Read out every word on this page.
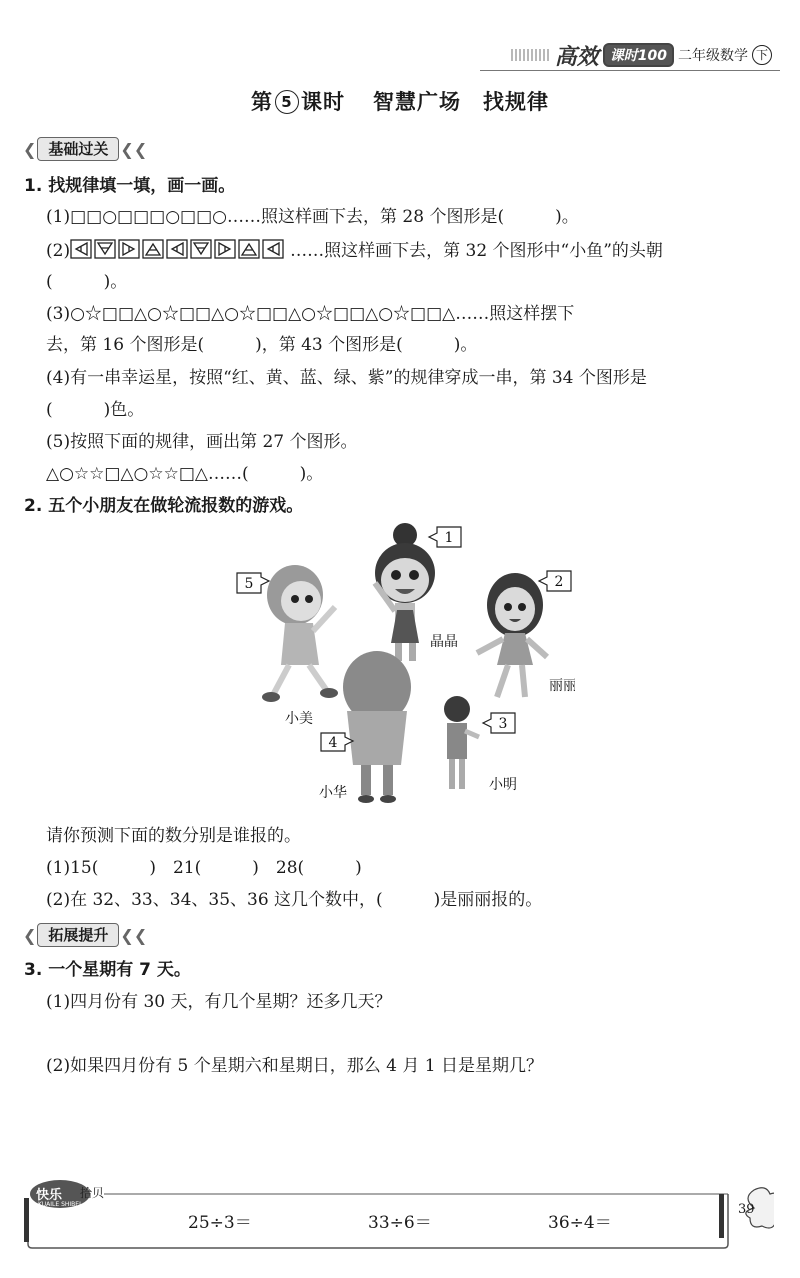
高效 课时100 二年级数学 下
第 5 课时 智慧广场 找规律
❮ 基础过关 ❮❮
1. 找规律填一填，画一画。
(1)□□○□□□○□□○……照这样画下去，第 28 个图形是(　　　)。
(2)	……照这样画下去，第 32 个图形中“小鱼”的头朝
(　　　)。
(3)○☆□□△○☆□□△○☆□□△○☆□□△○☆□□△……照这样摆下
去，第 16 个图形是(　　　)，第 43 个图形是(　　　)。
(4)有一串幸运星，按照“红、黄、蓝、绿、紫”的规律穿成一串，第 34 个图形是
(　　　)色。
(5)按照下面的规律，画出第 27 个图形。
△○☆☆□△○☆☆□△……(　　　)。
2. 五个小朋友在做轮流报数的游戏。
1
2
3
4
5
晶晶
丽丽
小明
小华
小美
请你预测下面的数分别是谁报的。
(1)15(　　　)　21(　　　)　28(　　　)
(2)在 32、33、34、35、36 这几个数中，(　　　)是丽丽报的。
❮ 拓展提升 ❮❮
3. 一个星期有 7 天。
(1)四月份有 30 天，有几个星期？还多几天？
(2)如果四月份有 5 个星期六和星期日，那么 4 月 1 日是星期几？
快乐 拾贝
KUAILE SHIBEI
25÷3＝	33÷6＝	36÷4＝
39
